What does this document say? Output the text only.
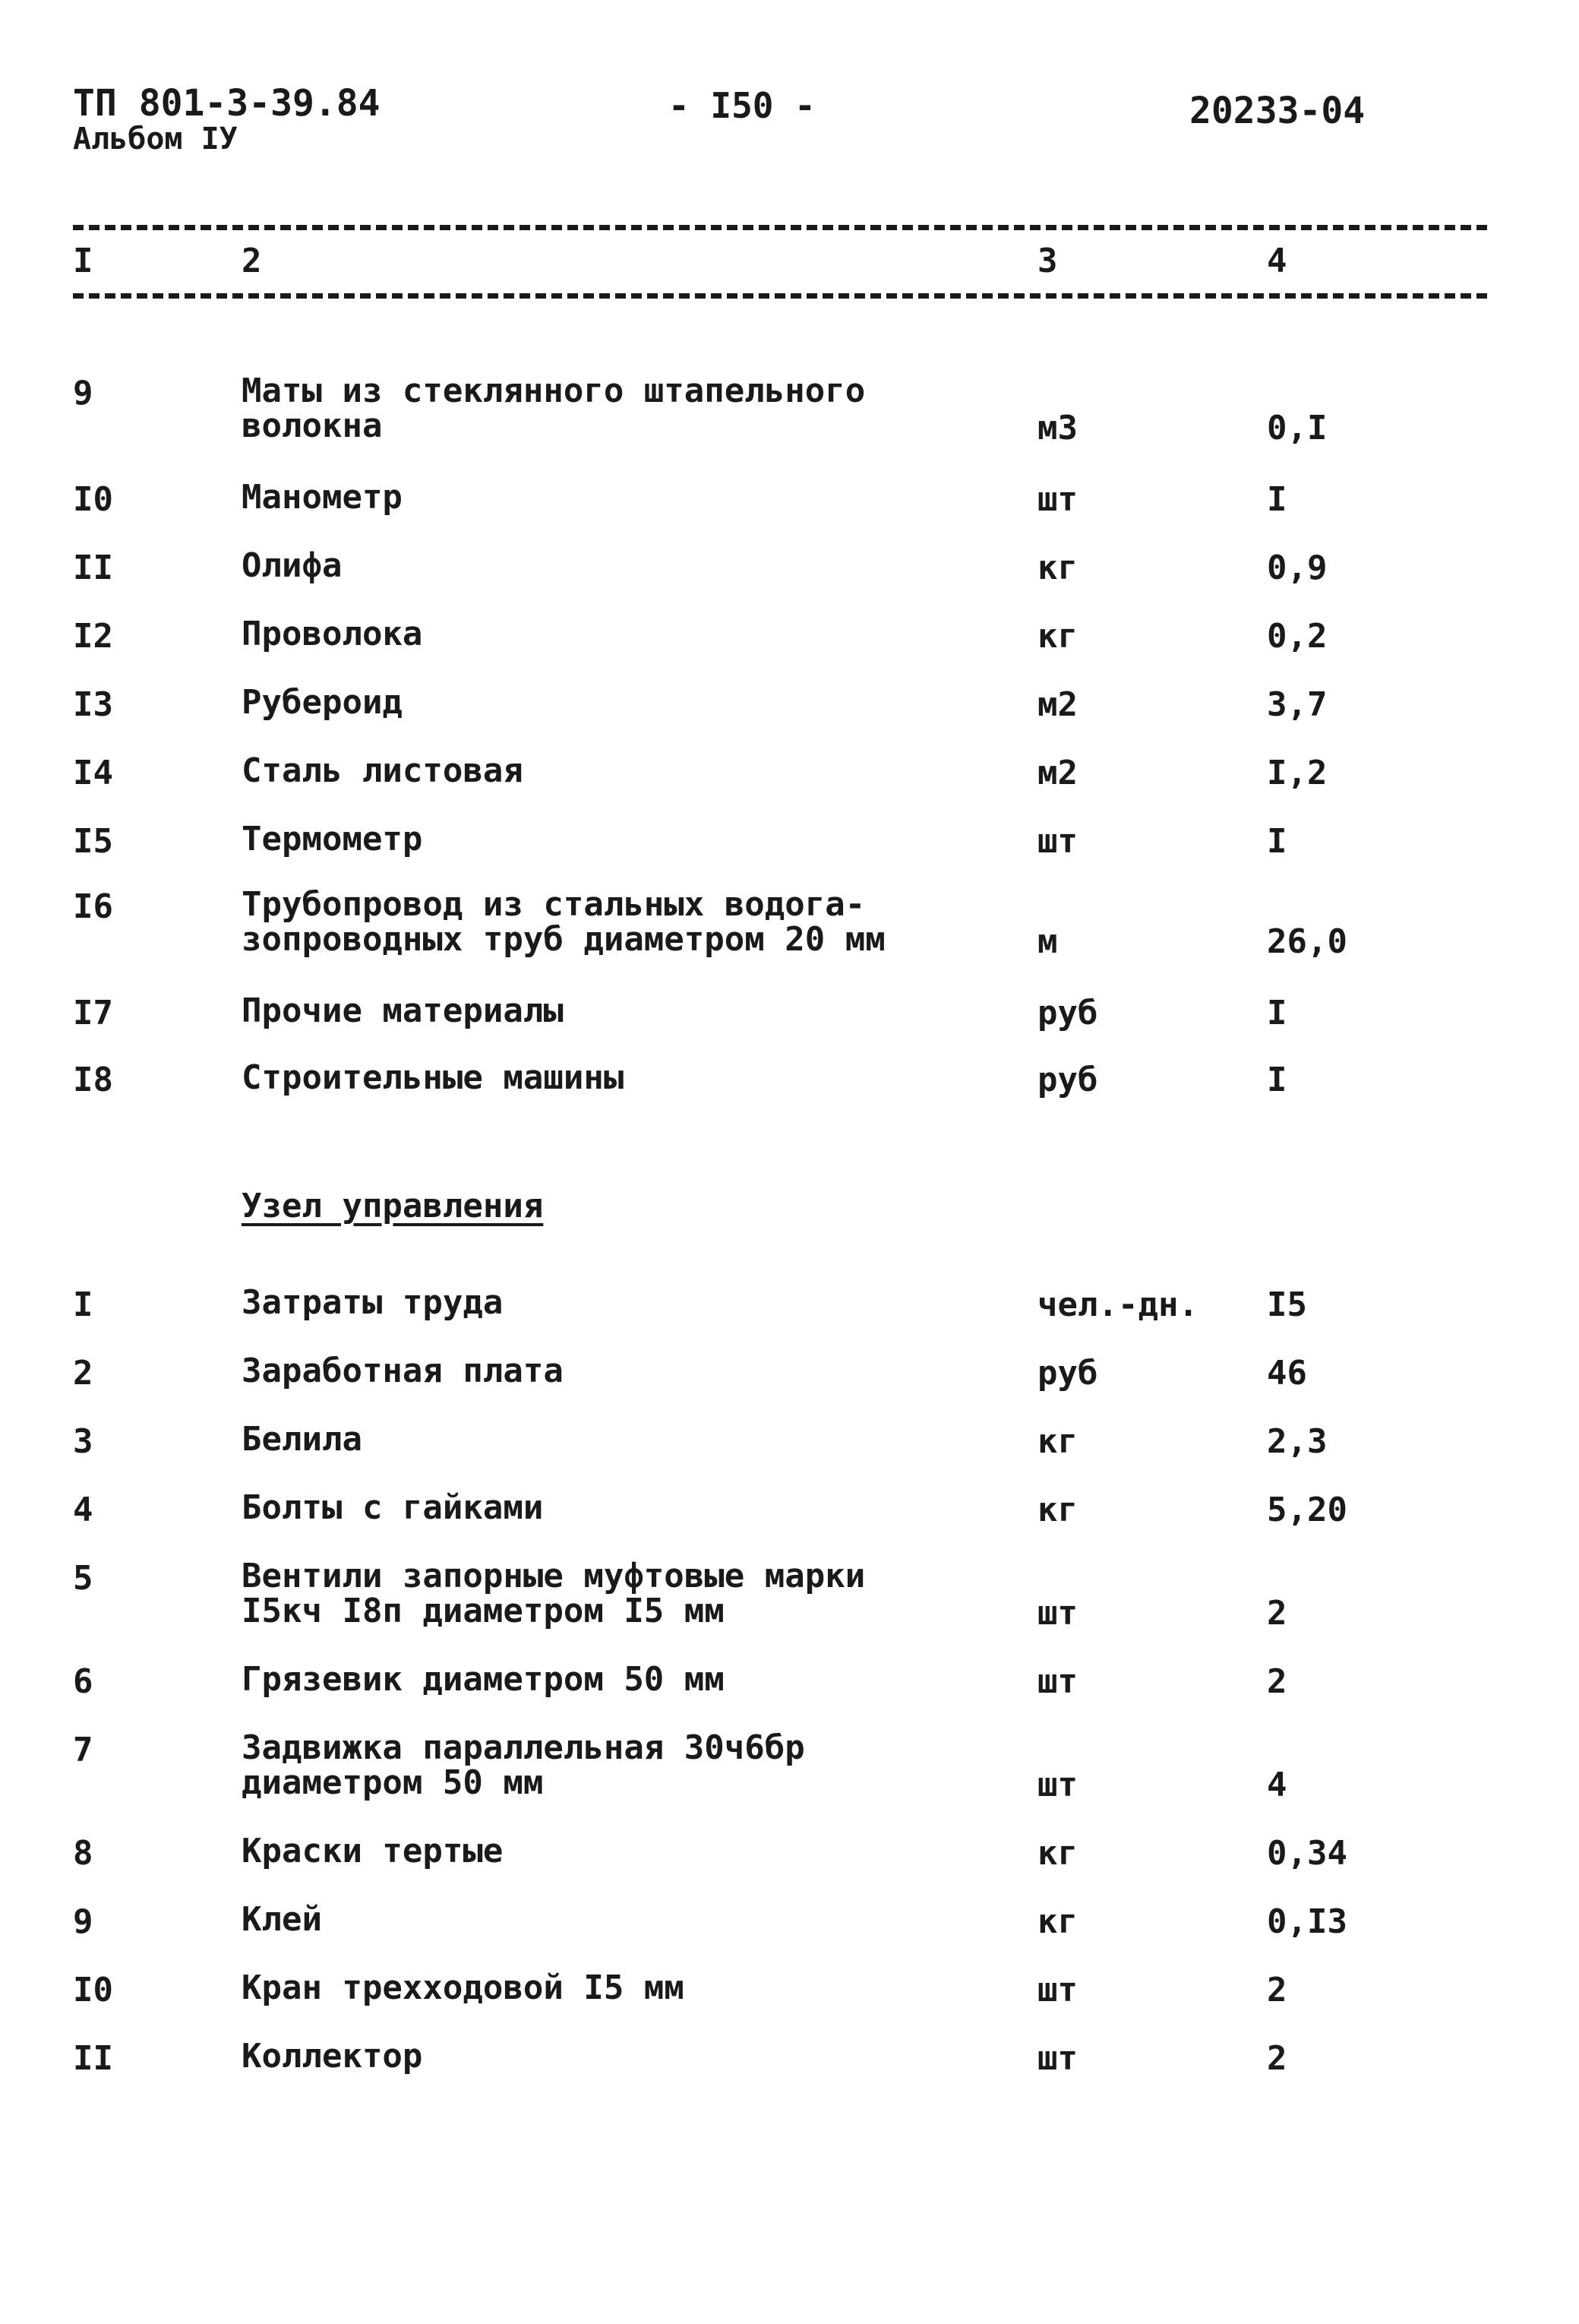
ТП 801-3-39.84
Альбом IУ
- I50 -	20233-04
I	2	3	4
9	Маты из стеклянного штапельного
волокна	м3	0,I
I0	Манометр	шт	I
II	Олифа	кг	0,9
I2	Проволока	кг	0,2
I3	Рубероид	м2	3,7
I4	Сталь листовая	м2	I,2
I5	Термометр	шт	I
I6	Трубопровод из стальных водога-
зопроводных труб диаметром 20 мм	м	26,0
I7	Прочие материалы	руб	I
I8	Строительные машины	руб	I
Узел управления
I	Затраты труда	чел.-дн. I5
2	Заработная плата	руб	46
3	Белила	кг	2,3
4	Болты с гайками	кг	5,20
5	Вентили запорные муфтовые марки
I5кч I8п диаметром I5 мм	шт	2
6	Грязевик диаметром 50 мм	шт	2
7	Задвижка параллельная 30ч6бр
диаметром 50 мм	шт	4
8	Краски тертые	кг	0,34
9	Клей	кг	0,I3
I0	Кран трехходовой I5 мм	шт	2
II	Коллектор	шт	2
